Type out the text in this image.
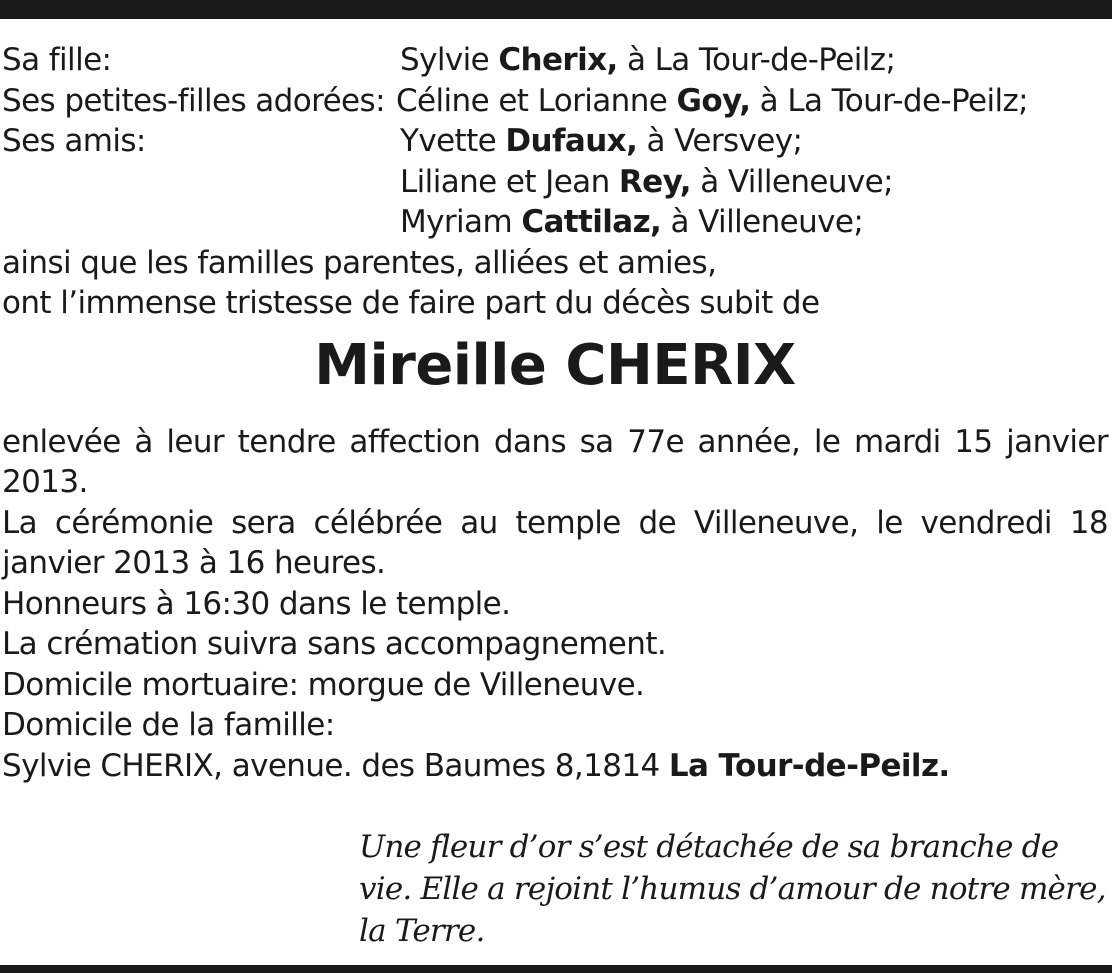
Sa fille:	Sylvie Cherix, à La Tour-de-Peilz;
Ses petites-filles adorées: Céline et Lorianne Goy, à La Tour-de-Peilz;
Ses amis:	Yvette Dufaux, à Versvey;
Liliane et Jean Rey, à Villeneuve;
Myriam Cattilaz, à Villeneuve;
ainsi que les familles parentes, alliées et amies,
ont l’immense tristesse de faire part du décès subit de
Mireille CHERIX
enlevée à leur tendre affection dans sa 77e année, le mardi 15 janvier 2013.
La cérémonie sera célébrée au temple de Villeneuve, le vendredi 18 janvier 2013 à 16 heures.
Honneurs à 16:30 dans le temple.
La crémation suivra sans accompagnement.
Domicile mortuaire: morgue de Villeneuve.
Domicile de la famille:
Sylvie CHERIX, avenue. des Baumes 8,1814 La Tour-de-Peilz.
Une fleur d’or s’est détachée de sa branche de vie. Elle a rejoint l’humus d’amour de notre mère, la Terre.
